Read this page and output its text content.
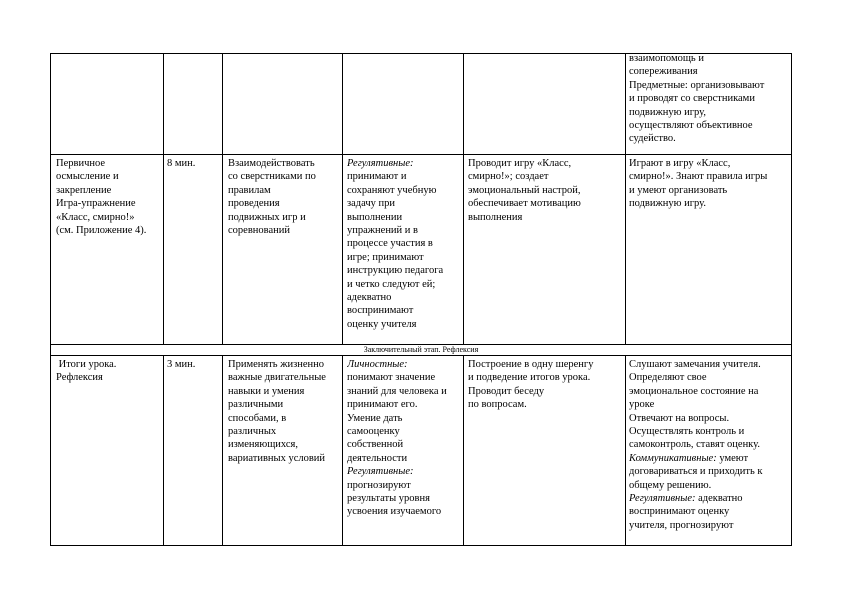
взаимопомощь и
сопереживания
Предметные: организовывают
и проводят со сверстниками
подвижную игру,
осуществляют объективное
судейство.
Первичное
осмысление и
закрепление
Игра-упражнение
«Класс, смирно!»
(см. Приложение 4).
8 мин.	Взаимодействовать
со сверстниками по
правилам
проведения
подвижных игр и
соревнований
Регулятивные:
принимают и
сохраняют учебную
задачу при
выполнении
упражнений и в
процессе участия в
игре; принимают
инструкцию педагога
и четко следуют ей;
адекватно
воспринимают
оценку учителя
Проводит игру «Класс,
смирно!»; создает
эмоциональный настрой,
обеспечивает мотивацию
выполнения
Играют в игру «Класс,
смирно!». Знают правила игры
и умеют организовать
подвижную игру.
Заключительный этап. Рефлексия
Итоги урока.
Рефлексия
3 мин.	Применять жизненно
важные двигательные
навыки и умения
различными
способами, в
различных
изменяющихся,
вариативных условий
Личностные:
понимают значение
знаний для человека и
принимают его.
Умение дать
самооценку
собственной
деятельности
Регулятивные:
прогнозируют
результаты уровня
усвоения изучаемого
Построение в одну шеренгу
и подведение итогов урока.
Проводит беседу
по вопросам.
Слушают замечания учителя.
Определяют свое
эмоциональное состояние на
уроке
Отвечают на вопросы.
Осуществлять контроль и
самоконтроль, ставят оценку.
Коммуникативные: умеют
договариваться и приходить к
общему решению.
Регулятивные: адекватно
воспринимают оценку
учителя, прогнозируют
